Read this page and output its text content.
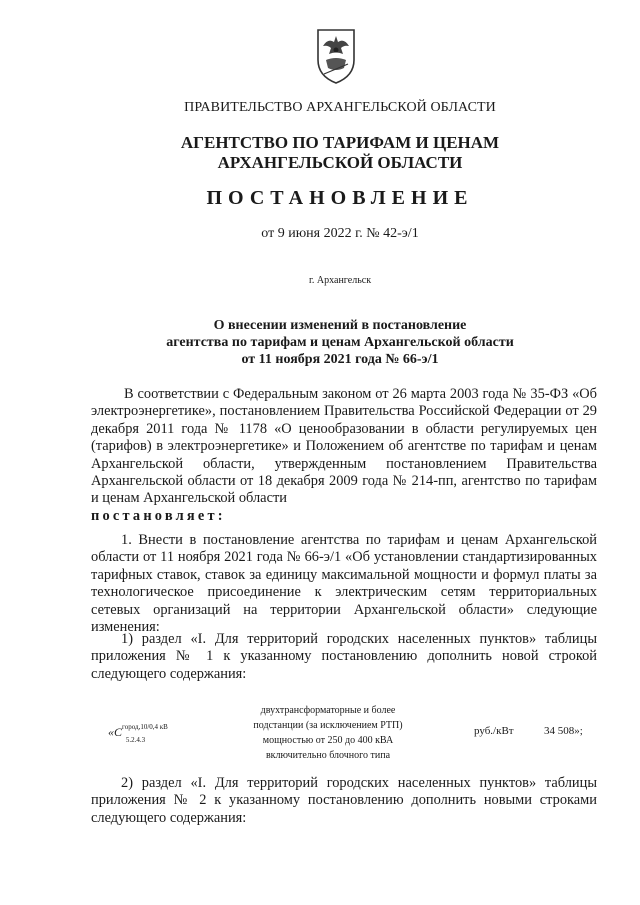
ПРАВИТЕЛЬСТВО АРХАНГЕЛЬСКОЙ ОБЛАСТИ
АГЕНТСТВО ПО ТАРИФАМ И ЦЕНАМ
АРХАНГЕЛЬСКОЙ ОБЛАСТИ
ПОСТАНОВЛЕНИЕ
от 9 июня 2022 г. № 42-э/1
г. Архангельск
О внесении изменений в постановление
агентства по тарифам и ценам Архангельской области
от 11 ноября 2021 года № 66-э/1

В соответствии с Федеральным законом от 26 марта 2003 года № 35-ФЗ «Об электроэнергетике», постановлением Правительства Российской Федерации от 29 декабря 2011 года № 1178 «О ценообразовании в области регулируемых цен (тарифов) в электроэнергетике» и Положением об агентстве по тарифам и ценам Архангельской области, утвержденным постановлением Правительства Архангельской области от 18 декабря 2009 года № 214-пп, агентство по тарифам и ценам Архангельской области

постановляет:

1. Внести в постановление агентства по тарифам и ценам Архангельской области от 11 ноября 2021 года № 66-э/1 «Об установлении стандартизированных тарифных ставок, ставок за единицу максимальной мощности и формул платы за технологическое присоединение к электрическим сетям территориальных сетевых организаций на территории Архангельской области» следующие изменения:

1) раздел «I. Для территорий городских населенных пунктов» таблицы приложения № 1 к указанному постановлению дополнить новой строкой следующего содержания:

«$C^{город,10/0,4 кВ}_{5.2.4.3}$
двухтрансформаторные и более
подстанции (за исключением РТП)
мощностью от 250 до 400 кВА
включительно блочного типа
руб./кВт	34 508»;

2) раздел «I. Для территорий городских населенных пунктов» таблицы приложения № 2 к указанному постановлению дополнить новыми строками следующего содержания:
